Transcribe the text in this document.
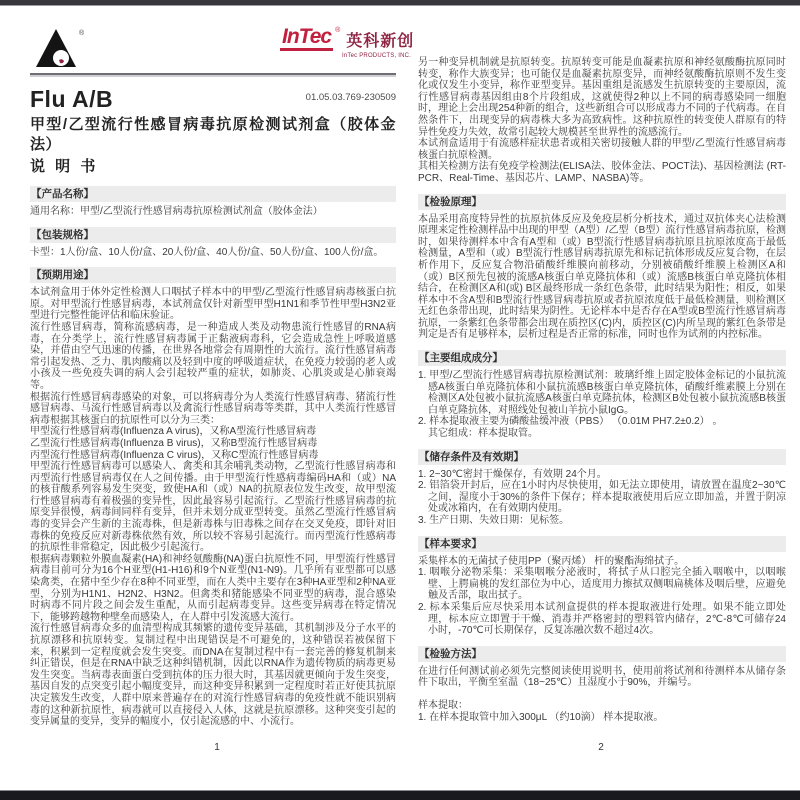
®	InTec ®
英科新创
InTec PRODUCTS, INC.
Flu A/B	01.05.03.769-230509
甲型/乙型流行性感冒病毒抗原检测试剂盒（胶体金法）
说 明 书
【产品名称】
通用名称：甲型/乙型流行性感冒病毒抗原检测试剂盒（胶体金法）
【包装规格】
卡型：1人份/盒、10人份/盒、20人份/盒、40人份/盒、50人份/盒、100人份/盒。
【预期用途】
本试剂盒用于体外定性检测人口咽拭子样本中的甲型/乙型流行性感冒病毒核蛋白抗原。对甲型流行性感冒病毒，本试剂盒仅针对新型甲型H1N1和季节性甲型H3N2亚型进行完整性能评估和临床验证。
流行性感冒病毒，简称流感病毒，是一种造成人类及动物患流行性感冒的RNA病毒，在分类学上，流行性感冒病毒属于正黏液病毒科，它会造成急性上呼吸道感染，并借由空气迅速的传播，在世界各地常会有周期性的大流行。流行性感冒病毒常引起发热、乏力、肌肉酸痛以及轻到中度的呼吸道症状，在免疫力较弱的老人或小孩及一些免疫失调的病人会引起较严重的症状，如肺炎、心肌炎或是心肺衰竭等。
根据流行性感冒病毒感染的对象，可以将病毒分为人类流行性感冒病毒、猪流行性感冒病毒、马流行性感冒病毒以及禽流行性感冒病毒等类群，其中人类流行性感冒病毒根据其核蛋白的抗原性可以分为三类：
甲型流行性感冒病毒(Influenza A virus)，又称A型流行性感冒病毒
乙型流行性感冒病毒(Influenza B virus)，又称B型流行性感冒病毒
丙型流行性感冒病毒(Influenza C virus)，又称C型流行性感冒病毒
甲型流行性感冒病毒可以感染人、禽类和其余哺乳类动物，乙型流行性感冒病毒和丙型流行性感冒病毒仅在人之间传播。由于甲型流行性感病毒编码HA和（或）NA的核苷酸系列容易发生突变，致使HA和（或）NA的抗原表位发生改变，故甲型流行性感冒病毒有着极强的变异性，因此最容易引起流行。乙型流行性感冒病毒的抗原变异很慢，病毒间同样有变异，但并未划分成亚型转变。虽然乙型流行性感冒病毒的变异会产生新的主流毒株，但是新毒株与旧毒株之间存在交叉免疫，即针对旧毒株的免疫反应对新毒株依然有效，所以较不容易引起流行。而丙型流行性感病毒的抗原性非常稳定，因此极少引起流行。
根据病毒颗粒外膜血凝素(HA)和神经氨酸酶(NA)蛋白抗原性不同，甲型流行性感冒病毒目前可分为16个H亚型(H1-H16)和9个N亚型(N1-N9)。几乎所有亚型都可以感染禽类，在猪中至少存在8种不同亚型，而在人类中主要存在3种HA亚型和2种NA亚型，分别为H1N1、H2N2、H3N2。但禽类和猪能感染不同亚型的病毒，混合感染时病毒不同片段之间会发生重配，从而引起病毒变异。这些变异病毒在特定情况下，能够跨越物种壁垒而感染人，在人群中引发流感大流行。
流行性感冒病毒众多的血清型构成其频繁的遗传变异基础，其机制涉及分子水平的抗原漂移和抗原转变。复制过程中出现错误是不可避免的，这种错误若被保留下来，积累到一定程度就会发生突变。而DNA在复制过程中有一套完善的修复机制来纠正错误，但是在RNA中缺乏这种纠错机制，因此以RNA作为遗传物质的病毒更易发生突变。当病毒表面蛋白受到抗体的压力很大时，其基因就更倾向于发生突变，基因自发的点突变引起小幅度变异，而这种变异积累到一定程度时若正好使其抗原决定簇发生改变，人群中原来普遍存在的对流行性感冒病毒的免疫性就不能识别病毒的这种新抗原性，病毒就可以直接侵入人体，这就是抗原漂移。这种突变引起的变异属量的变异，变异的幅度小，仅引起流感的中、小流行。
另一种变异机制就是抗原转变。抗原转变可能是血凝素抗原和神经氨酸酶抗原同时转变，称作大族变异；也可能仅是血凝素抗原变异，而神经氨酸酶抗原则不发生变化或仅发生小变异，称作亚型变异。基因重组是流感发生抗原转变的主要原因，流行性感冒病毒基因组由8个片段组成，这就使得2种以上不同的病毒感染同一细胞时，理论上会出现254种新的组合，这些新组合可以形成毒力不同的子代病毒。在自然条件下，出现变异的病毒株大多为高致病性。这种抗原性的转变使人群原有的特异性免疫力失效，故常引起较大规模甚至世界性的流感流行。
本试剂盒适用于有流感样症状患者或相关密切接触人群的甲型/乙型流行性感冒病毒核蛋白抗原检测。
其相关检测方法有免疫学检测法(ELISA法、胶体金法、POCT法)、基因检测法 (RT-PCR、Real-Time、基因芯片、LAMP、NASBA)等。
【检验原理】
本品采用高度特异性的抗原抗体反应及免疫层析分析技术，通过双抗体夹心法检测原理来定性检测样品中出现的甲型（A型）/乙型（B型）流行性感冒病毒抗原，检测时，如果待测样本中含有A型和（或）B型流行性感冒病毒抗原且抗原浓度高于最低检测量，A型和（或）B型流行性感冒病毒抗原先和标记抗体形成反应复合物，在层析作用下，反应复合物沿硝酸纤维膜向前移动，分别被硝酸纤维膜上检测区A和（或）B区预先包被的流感A核蛋白单克隆抗体和（或）流感B核蛋白单克隆抗体相结合，在检测区A和(或) B区最终形成一条红色条带，此时结果为阳性；相反，如果样本中不含A型和B型流行性感冒病毒抗原或者抗原浓度低于最低检测量，则检测区无红色条带出现，此时结果为阴性。无论样本中是否存在A型或B型流行性感冒病毒抗原，一条紫红色条带都会出现在质控区(C)内，质控区(C)内所呈现的紫红色条带是判定是否有足够样本，层析过程是否正常的标准，同时也作为试剂的内控标准。
【主要组成成分】
1. 甲型/乙型流行性感冒病毒抗原检测试剂：玻璃纤维上固定胶体金标记的小鼠抗流感A核蛋白单克隆抗体和小鼠抗流感B核蛋白单克隆抗体，硝酸纤维素膜上分别在检测区A处包被小鼠抗流感A核蛋白单克隆抗体，检测区B处包被小鼠抗流感B核蛋白单克隆抗体，对照线处包被山羊抗小鼠IgG。
2. 样本提取液主要为磷酸盐缓冲液（PBS） （0.01M PH7.2±0.2） 。
其它组成：样本提取管。
【储存条件及有效期】
1. 2~30℃密封干燥保存，有效期 24个月。
2. 铝箔袋开封后，应在1小时内尽快使用，如无法立即使用，请放置在温度2~30℃之间，湿度小于30%的条件下保存；样本提取液使用后应立即加盖，并置于阴凉处或冰箱内，在有效期内使用。
3. 生产日期、失效日期：见标签。
【样本要求】
采集样本的无菌拭子使用PP（聚丙烯） 杆的聚酯海绵拭子。
1. 咽喉分泌物采集：采集咽喉分泌液时，将拭子从口腔完全插入咽喉中，以咽喉壁、上腭扁桃的发红部位为中心，适度用力擦拭双侧咽扁桃体及咽后壁，应避免触及舌部，取出拭子。
2. 标本采集后应尽快采用本试剂盒提供的样本提取液进行处理。如果不能立即处理，标本应立即置于干燥、消毒并严格密封的塑料管内储存，2℃-8℃可储存24小时，-70℃可长期保存，反复冻融次数不超过4次。
【检验方法】
在进行任何测试前必须先完整阅读使用说明书，使用前将试剂和待测样本从储存条件下取出，平衡至室温（18~25℃）且湿度小于90%，并编号。
样本提取：
1. 在样本提取管中加入300μL （约10滴） 样本提取液。
1	2
